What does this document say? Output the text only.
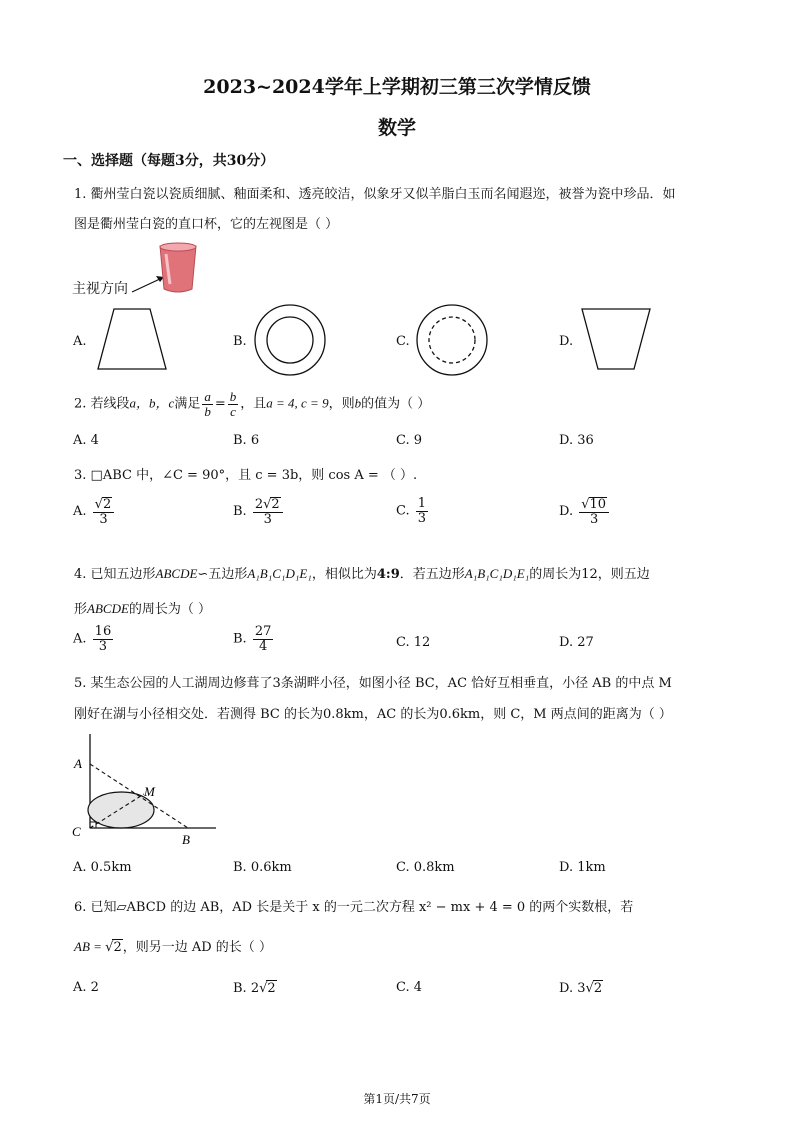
2023~2024学年上学期初三第三次学情反馈
数学
一、选择题（每题3分，共30分）
1. 衢州莹白瓷以瓷质细腻、釉面柔和、透亮皎洁，似象牙又似羊脂白玉而名闻遐迩，被誉为瓷中珍品．如
图是衢州莹白瓷的直口杯，它的左视图是（ ）
主视方向
A.	B.	C.	D.
2. 若线段a，b，c满足 $\frac{a}{b} = \frac{b}{c}$ ，且a = 4, c = 9，则b的值为（ ）
A. 4	B. 6	C. 9	D. 36
3. □ABC 中，∠C = 90°，且 c = 3b，则 cos A = （ ）.
A. $\frac{√2}{3}$	B. $\frac{2√2}{3}$	C. $\frac{1}{3}$	D. $\frac{√10}{3}$
4. 已知五边形ABCDE∽五边形A₁B₁C₁D₁E₁，相似比为4:9．若五边形A₁B₁C₁D₁E₁的周长为12，则五边
形ABCDE的周长为（ ）
A. $\frac{16}{3}$	B. $\frac{27}{4}$	C. 12	D. 27
5. 某生态公园的人工湖周边修葺了3条湖畔小径，如图小径 BC，AC 恰好互相垂直，小径 AB 的中点 M
刚好在湖与小径相交处．若测得 BC 的长为0.8km，AC 的长为0.6km，则 C，M 两点间的距离为（ ）
A
M
C
B
A. 0.5km	B. 0.6km	C. 0.8km	D. 1km
6. 已知▱ABCD 的边 AB，AD 长是关于 x 的一元二次方程 x² − mx + 4 = 0 的两个实数根，若
AB = √2，则另一边 AD 的长（ ）
A. 2	B. 2√2	C. 4	D. 3√2
第1页/共7页
